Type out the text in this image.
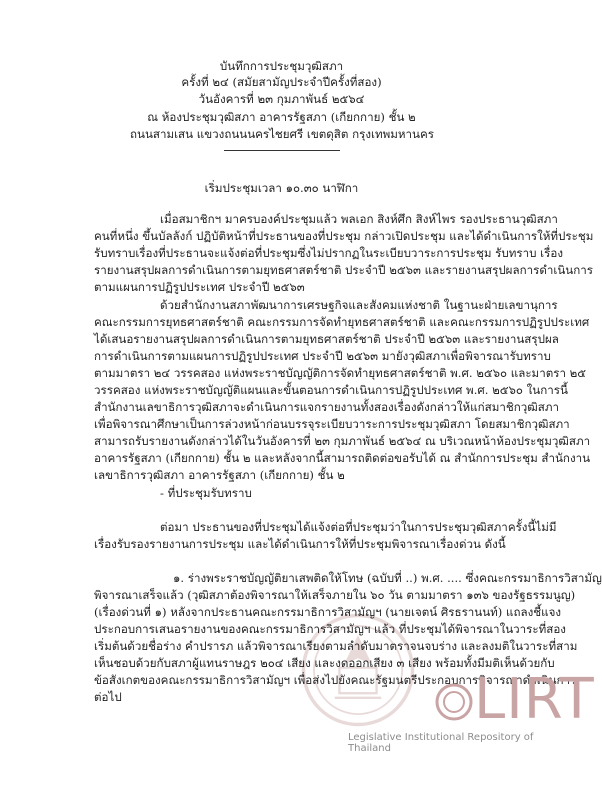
บันทึกการประชุมวุฒิสภา
ครั้งที่ ๒๔ (สมัยสามัญประจำปีครั้งที่สอง)
วันอังคารที่ ๒๓ กุมภาพันธ์ ๒๕๖๔
ณ ห้องประชุมวุฒิสภา อาคารรัฐสภา (เกียกกาย) ชั้น ๒
ถนนสามเสน แขวงถนนนครไชยศรี เขตดุสิต กรุงเทพมหานคร
เริ่มประชุมเวลา ๑๐.๓๐ นาฬิกา
เมื่อสมาชิกฯ มาครบองค์ประชุมแล้ว พลเอก สิงห์ศึก สิงห์ไพร รองประธานวุฒิสภา
คนที่หนึ่ง ขึ้นบัลลังก์ ปฏิบัติหน้าที่ประธานของที่ประชุม กล่าวเปิดประชุม และได้ดำเนินการให้ที่ประชุม
รับทราบเรื่องที่ประธานจะแจ้งต่อที่ประชุมซึ่งไม่ปรากฏในระเบียบวาระการประชุม รับทราบ เรื่อง
รายงานสรุปผลการดำเนินการตามยุทธศาสตร์ชาติ ประจำปี ๒๕๖๓ และรายงานสรุปผลการดำเนินการ
ตามแผนการปฏิรูปประเทศ ประจำปี ๒๕๖๓
ด้วยสำนักงานสภาพัฒนาการเศรษฐกิจและสังคมแห่งชาติ ในฐานะฝ่ายเลขานุการ
คณะกรรมการยุทธศาสตร์ชาติ คณะกรรมการจัดทำยุทธศาสตร์ชาติ และคณะกรรมการปฏิรูปประเทศ
ได้เสนอรายงานสรุปผลการดำเนินการตามยุทธศาสตร์ชาติ ประจำปี ๒๕๖๓ และรายงานสรุปผล
การดำเนินการตามแผนการปฏิรูปประเทศ ประจำปี ๒๕๖๓ มายังวุฒิสภาเพื่อพิจารณารับทราบ
ตามมาตรา ๒๔ วรรคสอง แห่งพระราชบัญญัติการจัดทำยุทธศาสตร์ชาติ พ.ศ. ๒๕๖๐ และมาตรา ๒๕
วรรคสอง แห่งพระราชบัญญัติแผนและขั้นตอนการดำเนินการปฏิรูปประเทศ พ.ศ. ๒๕๖๐ ในการนี้
สำนักงานเลขาธิการวุฒิสภาจะดำเนินการแจกรายงานทั้งสองเรื่องดังกล่าวให้แก่สมาชิกวุฒิสภา
เพื่อพิจารณาศึกษาเป็นการล่วงหน้าก่อนบรรจุระเบียบวาระการประชุมวุฒิสภา โดยสมาชิกวุฒิสภา
สามารถรับรายงานดังกล่าวได้ในวันอังคารที่ ๒๓ กุมภาพันธ์ ๒๕๖๔ ณ บริเวณหน้าห้องประชุมวุฒิสภา
อาคารรัฐสภา (เกียกกาย) ชั้น ๒ และหลังจากนี้สามารถติดต่อขอรับได้ ณ สำนักการประชุม สำนักงาน
เลขาธิการวุฒิสภา อาคารรัฐสภา (เกียกกาย) ชั้น ๒
- ที่ประชุมรับทราบ
ต่อมา ประธานของที่ประชุมได้แจ้งต่อที่ประชุมว่าในการประชุมวุฒิสภาครั้งนี้ไม่มี
เรื่องรับรองรายงานการประชุม และได้ดำเนินการให้ที่ประชุมพิจารณาเรื่องด่วน ดังนี้
๑. ร่างพระราชบัญญัติยาเสพติดให้โทษ (ฉบับที่ ..) พ.ศ. .... ซึ่งคณะกรรมาธิการวิสามัญ
พิจารณาเสร็จแล้ว (วุฒิสภาต้องพิจารณาให้เสร็จภายใน ๖๐ วัน ตามมาตรา ๑๓๖ ของรัฐธรรมนูญ)
(เรื่องด่วนที่ ๑) หลังจากประธานคณะกรรมาธิการวิสามัญฯ (นายเจตน์ ศิรธรานนท์) แถลงชี้แจง
ประกอบการเสนอรายงานของคณะกรรมาธิการวิสามัญฯ แล้ว ที่ประชุมได้พิจารณาในวาระที่สอง
เริ่มต้นด้วยชื่อร่าง คำปรารภ แล้วพิจารณาเรียงตามลำดับมาตราจนจบร่าง และลงมติในวาระที่สาม
เห็นชอบด้วยกับสภาผู้แทนราษฎร ๒๐๔ เสียง และงดออกเสียง ๓ เสียง พร้อมทั้งมีมติเห็นด้วยกับ
ข้อสังเกตของคณะกรรมาธิการวิสามัญฯ เพื่อส่งไปยังคณะรัฐมนตรีประกอบการพิจารณาดำเนินการ
ต่อไป	LIRT
Legislative Institutional Repository of Thailand
